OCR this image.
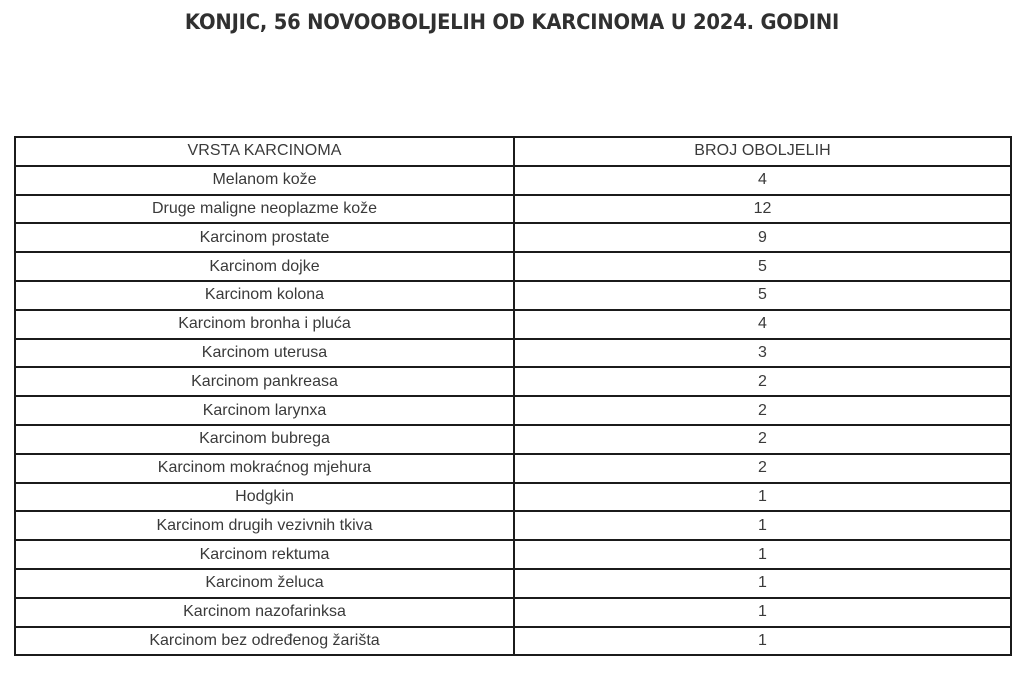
KONJIC, 56 NOVOOBOLJELIH OD KARCINOMA U 2024. GODINI
VRSTA KARCINOMA	BROJ OBOLJELIH
Melanom kože	4
Druge maligne neoplazme kože	12
Karcinom prostate	9
Karcinom dojke	5
Karcinom kolona	5
Karcinom bronha i pluća	4
Karcinom uterusa	3
Karcinom pankreasa	2
Karcinom larynxa	2
Karcinom bubrega	2
Karcinom mokraćnog mjehura	2
Hodgkin	1
Karcinom drugih vezivnih tkiva	1
Karcinom rektuma	1
Karcinom želuca	1
Karcinom nazofarinksa	1
Karcinom bez određenog žarišta	1
